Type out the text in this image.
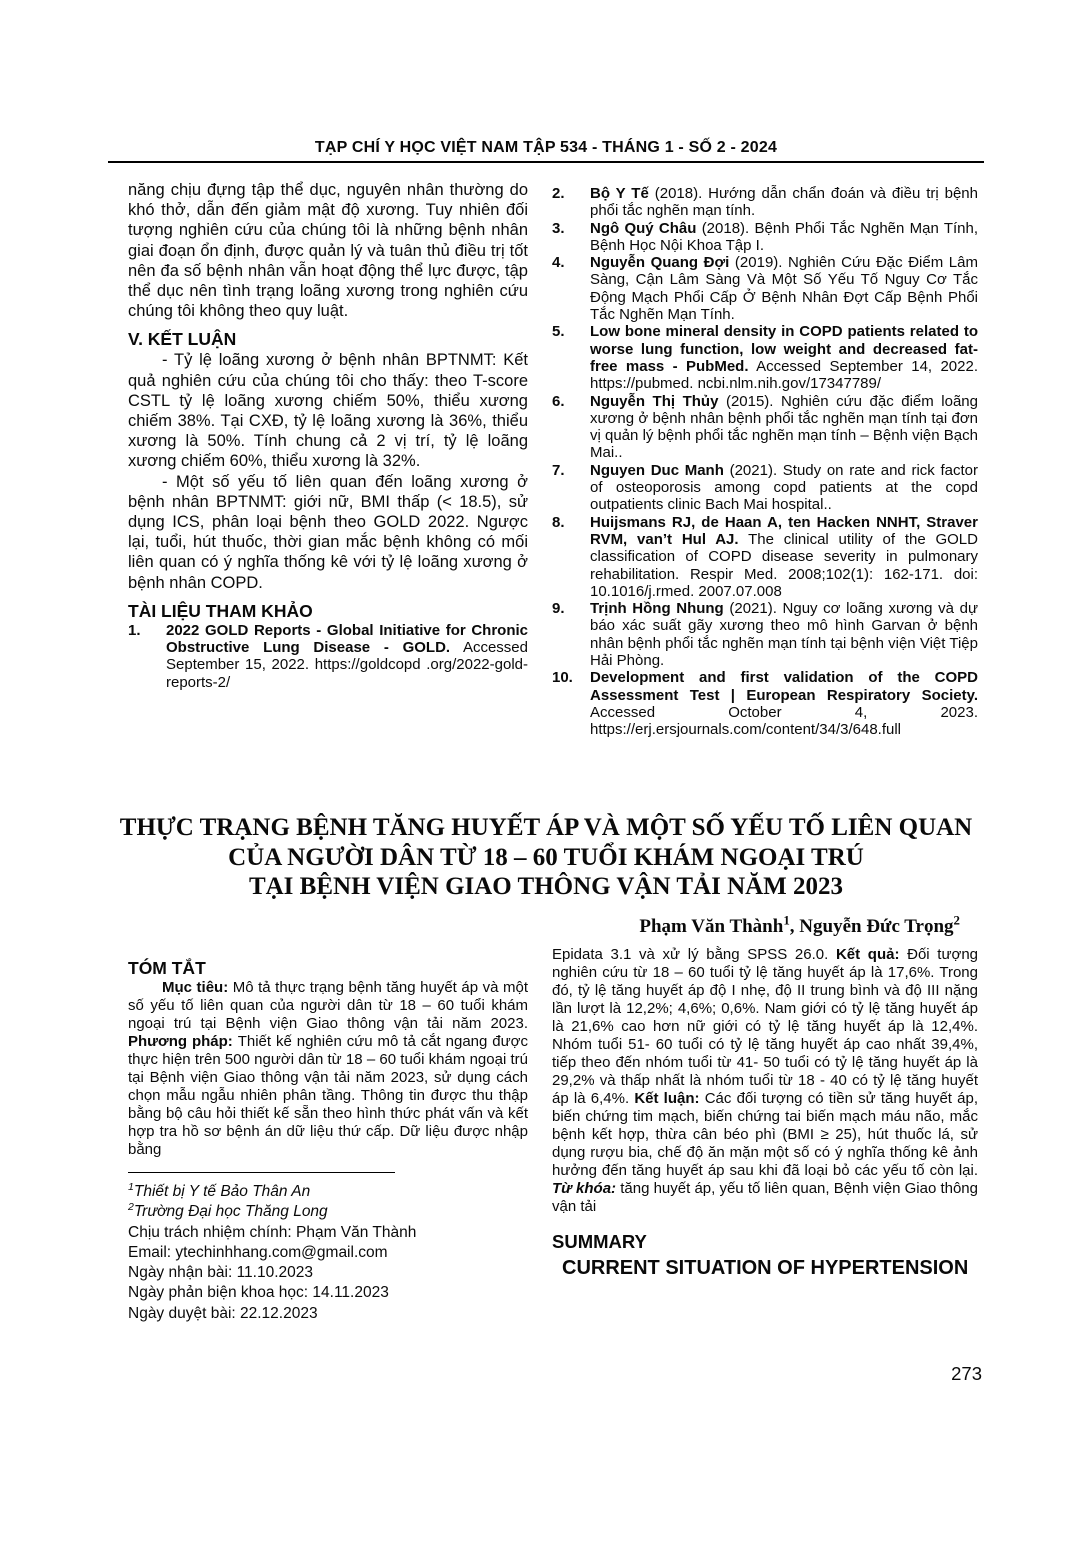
TẠP CHÍ Y HỌC VIỆT NAM TẬP 534 - THÁNG 1 - SỐ 2 - 2024

năng chịu đựng tập thể dục, nguyên nhân thường do khó thở, dẫn đến giảm mật độ xương. Tuy nhiên đối tượng nghiên cứu của chúng tôi là những bệnh nhân giai đoạn ổn định, được quản lý và tuân thủ điều trị tốt nên đa số bệnh nhân vẫn hoạt động thể lực được, tập thể dục nên tình trạng loãng xương trong nghiên cứu chúng tôi không theo quy luật.

V. KẾT LUẬN

- Tỷ lệ loãng xương ở bệnh nhân BPTNMT: Kết quả nghiên cứu của chúng tôi cho thấy: theo T-score CSTL tỷ lệ loãng xương chiếm 50%, thiểu xương chiếm 38%. Tại CXĐ, tỷ lệ loãng xương là 36%, thiểu xương là 50%. Tính chung cả 2 vị trí, tỷ lệ loãng xương chiếm 60%, thiểu xương là 32%.

- Một số yếu tố liên quan đến loãng xương ở bệnh nhân BPTNMT: giới nữ, BMI thấp (< 18.5), sử dụng ICS, phân loại bệnh theo GOLD 2022. Ngược lại, tuổi, hút thuốc, thời gian mắc bệnh không có mối liên quan có ý nghĩa thống kê với tỷ lệ loãng xương ở bệnh nhân COPD.

TÀI LIỆU THAM KHẢO

1. 2022 GOLD Reports - Global Initiative for Chronic Obstructive Lung Disease - GOLD. Accessed September 15, 2022. https://goldcopd .org/2022-gold-reports-2/

2. Bộ Y Tế (2018). Hướng dẫn chẩn đoán và điều trị bệnh phổi tắc nghẽn mạn tính.

3. Ngô Quý Châu (2018). Bệnh Phổi Tắc Nghẽn Mạn Tính, Bệnh Học Nội Khoa Tập I.

4. Nguyễn Quang Đợi (2019). Nghiên Cứu Đặc Điểm Lâm Sàng, Cận Lâm Sàng Và Một Số Yếu Tố Nguy Cơ Tắc Động Mạch Phổi Cấp Ở Bệnh Nhân Đợt Cấp Bệnh Phổi Tắc Nghẽn Mạn Tính.

5. Low bone mineral density in COPD patients related to worse lung function, low weight and decreased fat-free mass - PubMed. Accessed September 14, 2022. https://pubmed. ncbi.nlm.nih.gov/17347789/

6. Nguyễn Thị Thủy (2015). Nghiên cứu đặc điểm loãng xương ở bệnh nhân bệnh phổi tắc nghẽn mạn tính tại đơn vị quản lý bệnh phổi tắc nghẽn mạn tính – Bệnh viện Bạch Mai..

7. Nguyen Duc Manh (2021). Study on rate and rick factor of osteoporosis among copd patients at the copd outpatients clinic Bach Mai hospital..

8. Huijsmans RJ, de Haan A, ten Hacken NNHT, Straver RVM, van’t Hul AJ. The clinical utility of the GOLD classification of COPD disease severity in pulmonary rehabilitation. Respir Med. 2008;102(1): 162-171. doi: 10.1016/j.rmed. 2007.07.008

9. Trịnh Hồng Nhung (2021). Nguy cơ loãng xương và dự báo xác suất gãy xương theo mô hình Garvan ở bệnh nhân bệnh phổi tắc nghẽn mạn tính tại bệnh viện Việt Tiệp Hải Phòng.

10. Development and first validation of the COPD Assessment Test | European Respiratory Society. Accessed October 4, 2023. https://erj.ersjournals.com/content/34/3/648.full

THỰC TRẠNG BỆNH TĂNG HUYẾT ÁP VÀ MỘT SỐ YẾU TỐ LIÊN QUAN
CỦA NGƯỜI DÂN TỪ 18 – 60 TUỔI KHÁM NGOẠI TRÚ
TẠI BỆNH VIỆN GIAO THÔNG VẬN TẢI NĂM 2023
Phạm Văn Thành$^1$, Nguyễn Đức Trọng$^2$
TÓM TẮT

Mục tiêu: Mô tả thực trạng bệnh tăng huyết áp và một số yếu tố liên quan của người dân từ 18 – 60 tuổi khám ngoại trú tại Bệnh viện Giao thông vận tải năm 2023. Phương pháp: Thiết kế nghiên cứu mô tả cắt ngang được thực hiện trên 500 người dân từ 18 – 60 tuổi khám ngoại trú tại Bệnh viện Giao thông vận tải năm 2023, sử dụng cách chọn mẫu ngẫu nhiên phân tầng. Thông tin được thu thập bằng bộ câu hỏi thiết kế sẵn theo hình thức phát vấn và kết hợp tra hồ sơ bệnh án dữ liệu thứ cấp. Dữ liệu được nhập bằng

$^1$Thiết bị Y tế Bảo Thân An

$^2$Trường Đại học Thăng Long

Chịu trách nhiệm chính: Phạm Văn Thành

Email: ytechinhhang.com@gmail.com

Ngày nhận bài: 11.10.2023

Ngày phản biện khoa học: 14.11.2023

Ngày duyệt bài: 22.12.2023

Epidata 3.1 và xử lý bằng SPSS 26.0. Kết quả: Đối tượng nghiên cứu từ 18 – 60 tuổi tỷ lệ tăng huyết áp là 17,6%. Trong đó, tỷ lệ tăng huyết áp độ I nhẹ, độ II trung bình và độ III nặng lần lượt là 12,2%; 4,6%; 0,6%. Nam giới có tỷ lệ tăng huyết áp là 21,6% cao hơn nữ giới có tỷ lệ tăng huyết áp là 12,4%. Nhóm tuổi 51- 60 tuổi có tỷ lệ tăng huyết áp cao nhất 39,4%, tiếp theo đến nhóm tuổi từ 41- 50 tuổi có tỷ lệ tăng huyết áp là 29,2% và thấp nhất là nhóm tuổi từ 18 - 40 có tỷ lệ tăng huyết áp là 6,4%. Kết luận: Các đối tượng có tiền sử tăng huyết áp, biến chứng tim mạch, biến chứng tai biến mạch máu não, mắc bệnh kết hợp, thừa cân béo phì (BMI ≥ 25), hút thuốc lá, sử dụng rượu bia, chế độ ăn mặn một số có ý nghĩa thống kê ảnh hưởng đến tăng huyết áp sau khi đã loại bỏ các yếu tố còn lại. Từ khóa: tăng huyết áp, yếu tố liên quan, Bệnh viện Giao thông vận tải

SUMMARY
CURRENT SITUATION OF HYPERTENSION
273
